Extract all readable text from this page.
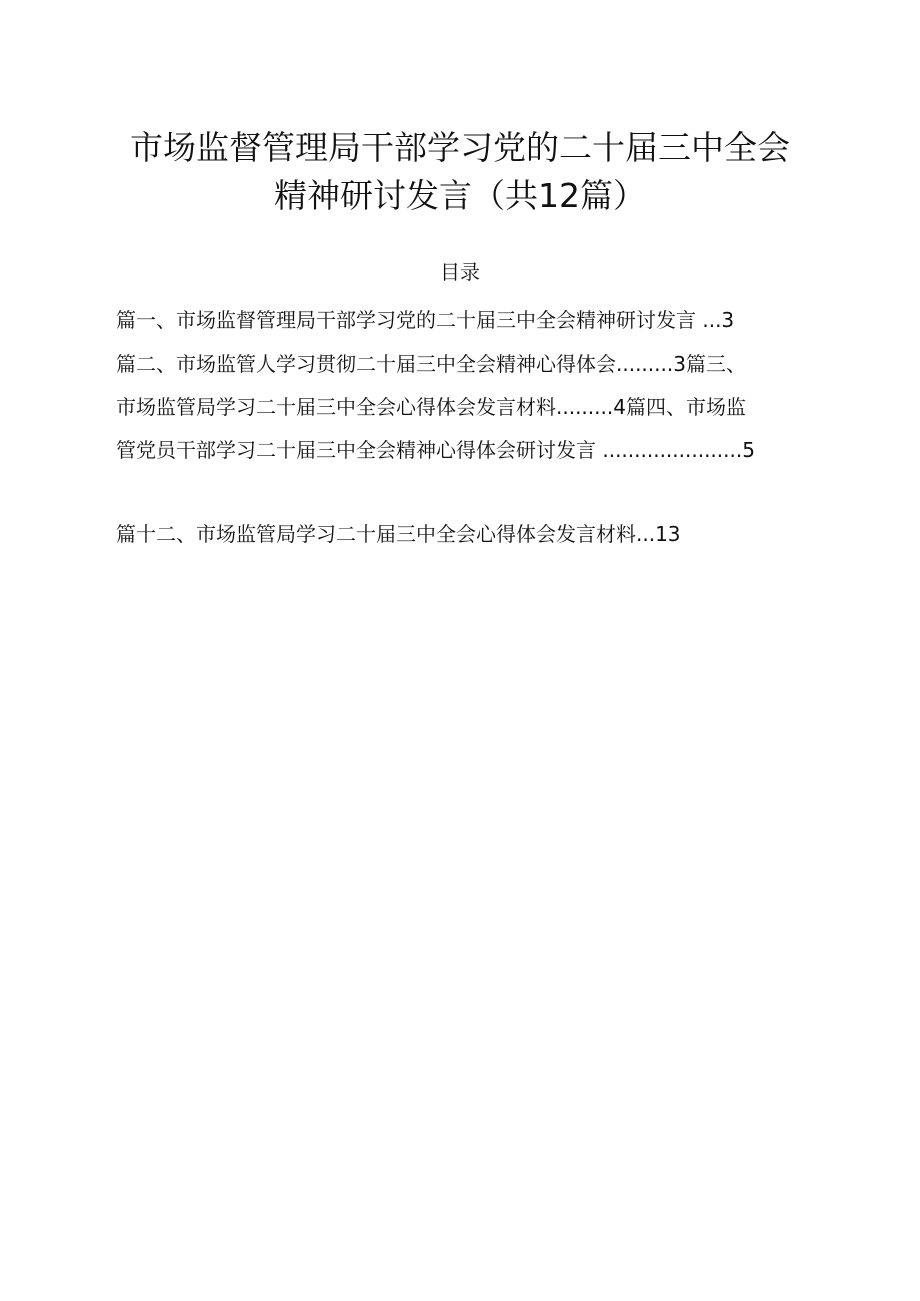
市场监督管理局干部学习党的二十届三中全会
精神研讨发言（共12篇）
目录
篇一、市场监督管理局干部学习党的二十届三中全会精神研讨发言 ...3
篇二、市场监管人学习贯彻二十届三中全会精神心得体会.........3篇三、
市场监管局学习二十届三中全会心得体会发言材料.........4篇四、市场监
管党员干部学习二十届三中全会精神心得体会研讨发言 ......................5
篇十二、市场监管局学习二十届三中全会心得体会发言材料...13
